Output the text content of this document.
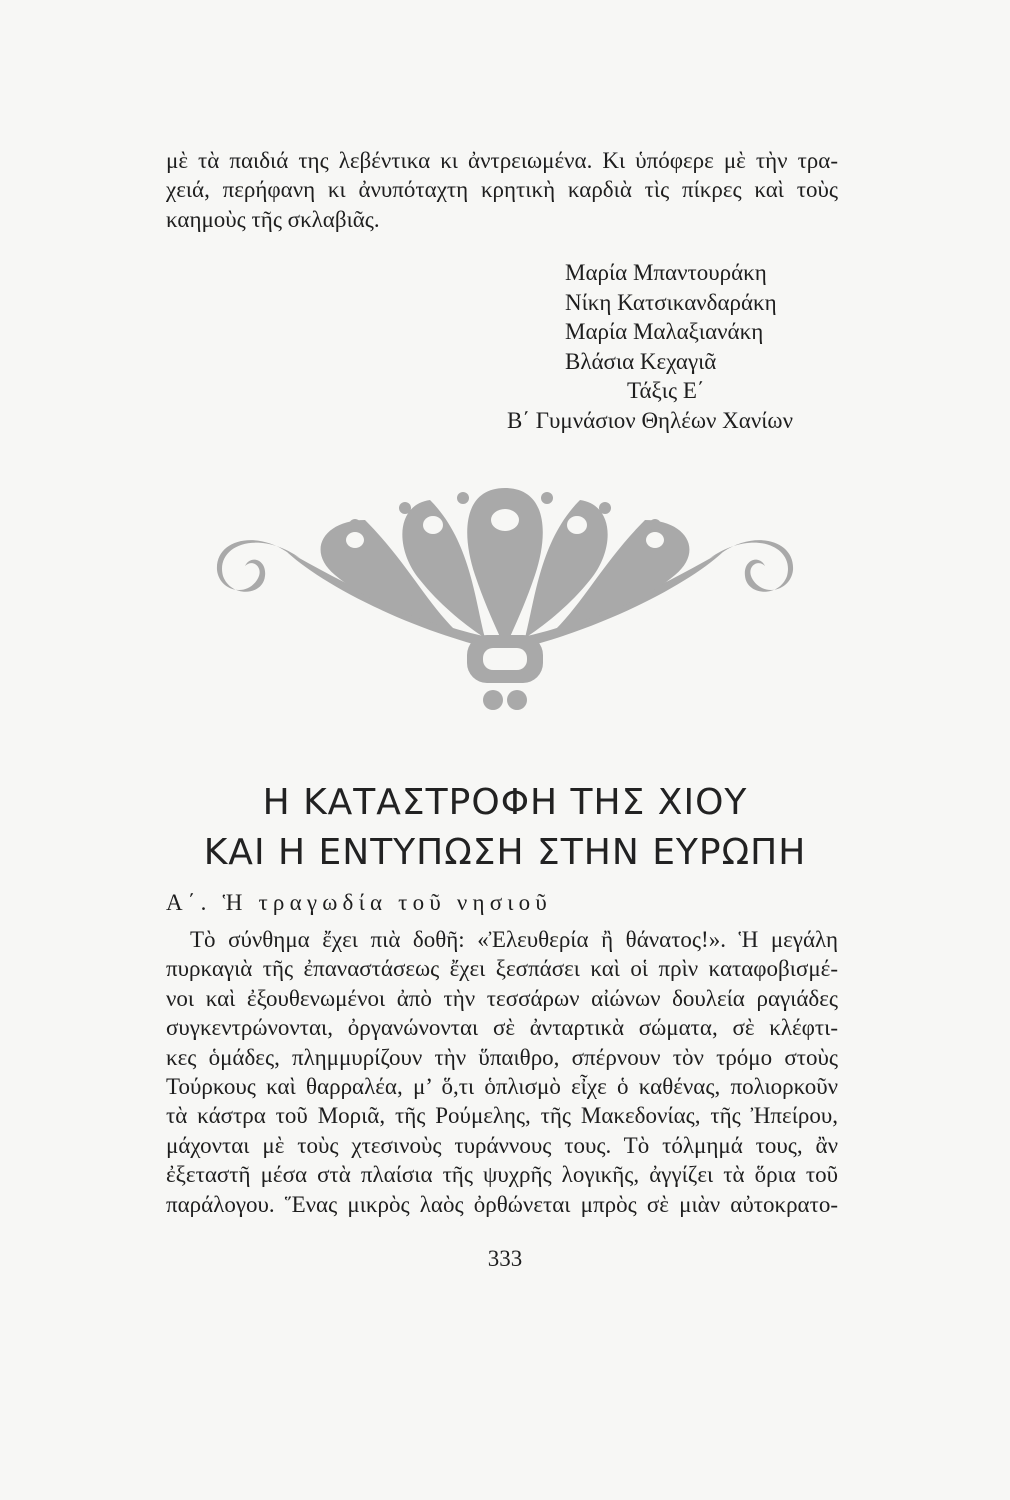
μὲ τὰ παιδιά της λεβέντικα κι ἀντρειωμένα. Κι ὑπόφερε μὲ τὴν τρα-
χειά, περήφανη κι ἀνυπόταχτη κρητικὴ καρδιὰ τὶς πίκρες καὶ τοὺς
καημοὺς τῆς σκλαβιᾶς.
Μαρία Μπαντουράκη
Νίκη Κατσικανδαράκη
Μαρία Μαλαξιανάκη
Βλάσια Κεχαγιᾶ
Τάξις Ε΄
Β΄ Γυμνάσιον Θηλέων Χανίων
Η ΚΑΤΑΣΤΡΟΦΗ ΤΗΣ ΧΙΟΥ
ΚΑΙ Η ΕΝΤΥΠΩΣΗ ΣΤΗΝ ΕΥΡΩΠΗ
Α΄. Ἡ τραγωδία τοῦ νησιοῦ
Τὸ σύνθημα ἔχει πιὰ δοθῆ: «Ἐλευθερία ἢ θάνατος!». Ἡ μεγάλη
πυρκαγιὰ τῆς ἐπαναστάσεως ἔχει ξεσπάσει καὶ οἱ πρὶν καταφοβισμέ-
νοι καὶ ἐξουθενωμένοι ἀπὸ τὴν τεσσάρων αἰώνων δουλεία ραγιάδες
συγκεντρώνονται, ὀργανώνονται σὲ ἀνταρτικὰ σώματα, σὲ κλέφτι-
κες ὁμάδες, πλημμυρίζουν τὴν ὕπαιθρο, σπέρνουν τὸν τρόμο στοὺς
Τούρκους καὶ θαρραλέα, μ’ ὅ,τι ὁπλισμὸ εἶχε ὁ καθένας, πολιορκοῦν
τὰ κάστρα τοῦ Μοριᾶ, τῆς Ρούμελης, τῆς Μακεδονίας, τῆς Ἠπείρου,
μάχονται μὲ τοὺς χτεσινοὺς τυράννους τους. Τὸ τόλμημά τους, ἂν
ἐξεταστῆ μέσα στὰ πλαίσια τῆς ψυχρῆς λογικῆς, ἀγγίζει τὰ ὅρια τοῦ
παράλογου. Ἕνας μικρὸς λαὸς ὀρθώνεται μπρὸς σὲ μιὰν αὐτοκρατο-
333
